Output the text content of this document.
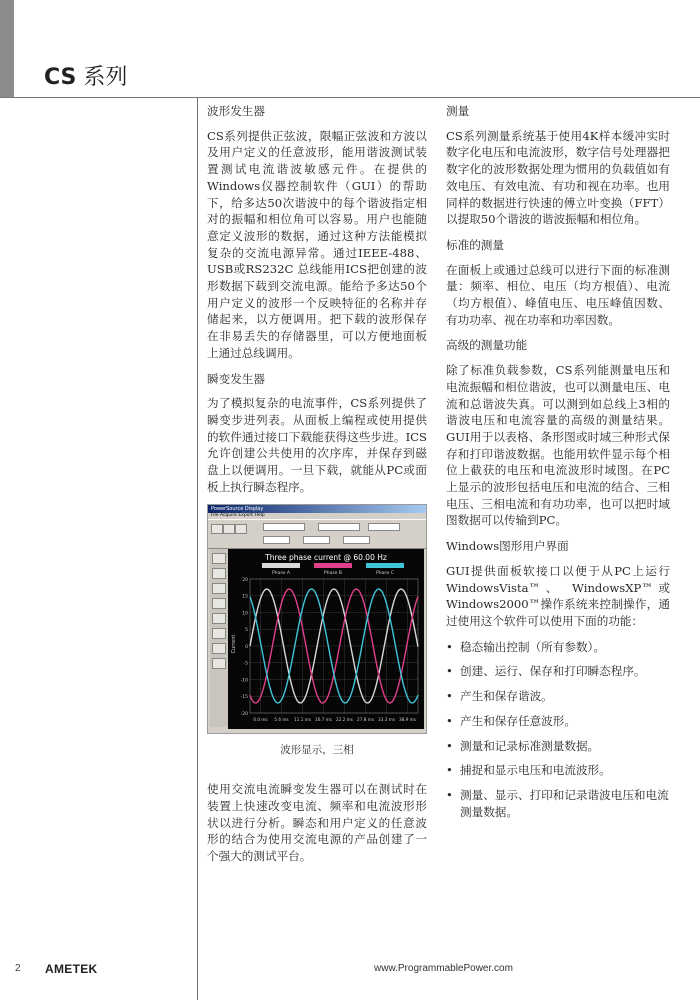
CS 系列
波形发生器

CS系列提供正弦波，限幅正弦波和方波以及用户定义的任意波形，能用谐波测试装置测试电流谐波敏感元件。在提供的Windows仪器控制软件（GUI）的帮助下，给多达50次谐波中的每个谐波指定相对的振幅和相位角可以容易。用户也能随意定义波形的数据，通过这种方法能模拟复杂的交流电源异常。通过IEEE-488、USB或RS232C 总线能用ICS把创建的波形数据下载到交流电源。能给予多达50个用户定义的波形一个反映特征的名称并存储起来，以方便调用。把下载的波形保存在非易丢失的存储器里，可以方便地面板上通过总线调用。

瞬变发生器

为了模拟复杂的电流事件，CS系列提供了瞬变步进列表。从面板上编程或使用提供的软件通过接口下载能获得这些步进。ICS允许创建公共使用的次序库，并保存到磁盘上以便调用。一旦下载，就能从PC或面板上执行瞬态程序。

PowerSource Display
File Acquire Export Help
Three phase current @ 60.00 Hz
Phase A	Phase B	Phase C
Current
20
15
10
5
0
-5
-10
-15
-20
0.0 ms 5.6 ms 11.1 ms 16.7 ms 22.2 ms 27.8 ms 33.3 ms 38.9 ms

波形显示，三相

使用交流电流瞬变发生器可以在测试时在装置上快速改变电流、频率和电流波形形状以进行分析。瞬态和用户定义的任意波形的结合为使用交流电源的产品创建了一个强大的测试平台。

测量

CS系列测量系统基于使用4K样本缓冲实时数字化电压和电流波形，数字信号处理器把数字化的波形数据处理为惯用的负载值如有效电压、有效电流、有功和视在功率。也用同样的数据进行快速的傅立叶变换（FFT）以提取50个谐波的谐波振幅和相位角。

标准的测量

在面板上或通过总线可以进行下面的标准测量：频率、相位、电压（均方根值）、电流（均方根值）、峰值电压、电压峰值因数、有功功率、视在功率和功率因数。

高级的测量功能

除了标准负载参数，CS系列能测量电压和电流振幅和相位谐波，也可以测量电压、电流和总谐波失真。可以测到如总线上3相的谐波电压和电流容量的高级的测量结果。GUI用于以表格、条形图或时域三种形式保存和打印谐波数据。也能用软件显示每个相位上截获的电压和电流波形时域图。在PC上显示的波形包括电压和电流的结合、三相电压、三相电流和有功功率，也可以把时域图数据可以传输到PC。

Windows图形用户界面

GUI提供面板软接口以便于从PC上运行WindowsVista™、 WindowsXP™或Windows2000™操作系统来控制操作，通过使用这个软件可以使用下面的功能：

• 稳态输出控制（所有参数）。
• 创建、运行、保存和打印瞬态程序。
• 产生和保存谐波。
• 产生和保存任意波形。
• 测量和记录标准测量数据。
• 捕捉和显示电压和电流波形。
• 测量、显示、打印和记录谐波电压和电流测量数据。
2 AMETEK	www.ProgrammablePower.com
